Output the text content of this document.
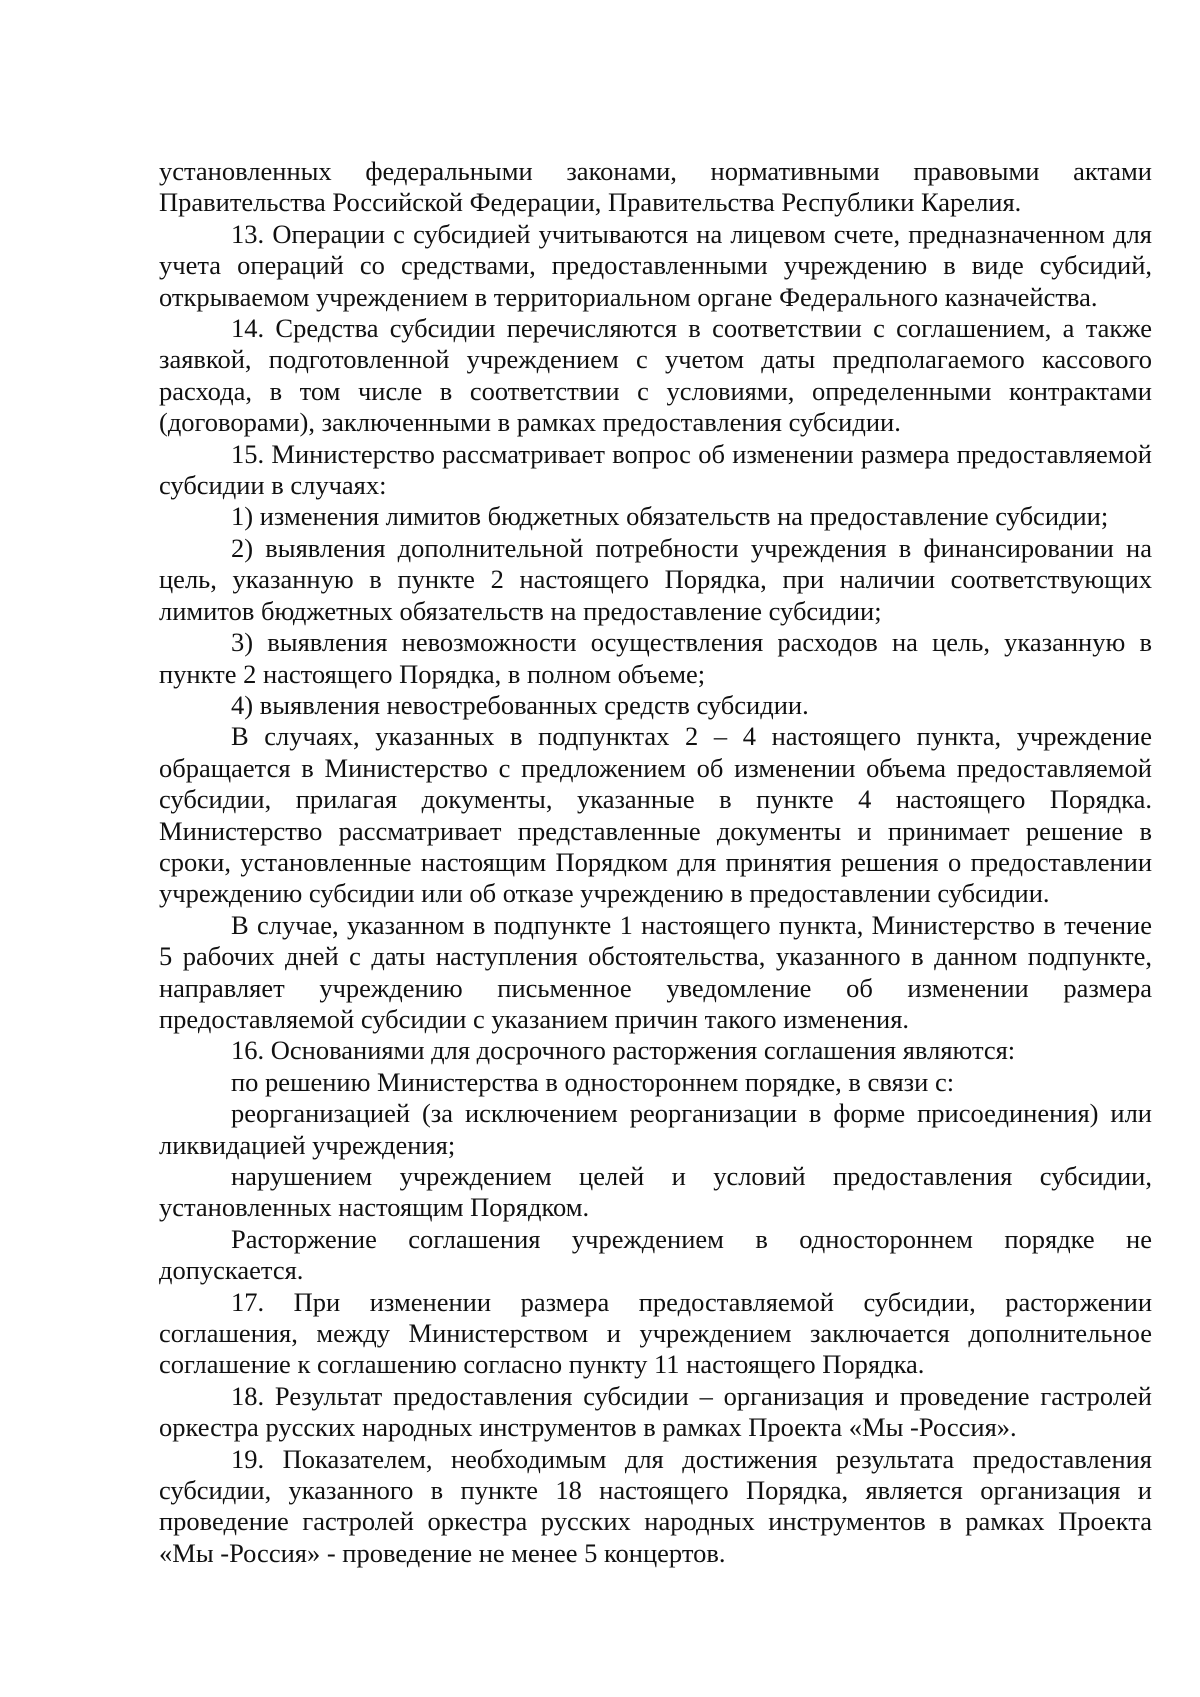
установленных федеральными законами, нормативными правовыми актами Правительства Российской Федерации, Правительства Республики Карелия.

13. Операции с субсидией учитываются на лицевом счете, предназначенном для учета операций со средствами, предоставленными учреждению в виде субсидий, открываемом учреждением в территориальном органе Федерального казначейства.

14. Средства субсидии перечисляются в соответствии с соглашением, а также заявкой, подготовленной учреждением с учетом даты предполагаемого кассового расхода, в том числе в соответствии с условиями, определенными контрактами (договорами), заключенными в рамках предоставления субсидии.

15. Министерство рассматривает вопрос об изменении размера предоставляемой субсидии в случаях:

1) изменения лимитов бюджетных обязательств на предоставление субсидии;

2) выявления дополнительной потребности учреждения в финансировании на цель, указанную в пункте 2 настоящего Порядка, при наличии соответствующих лимитов бюджетных обязательств на предоставление субсидии;

3) выявления невозможности осуществления расходов на цель, указанную в пункте 2 настоящего Порядка, в полном объеме;

4) выявления невостребованных средств субсидии.

В случаях, указанных в подпунктах 2 – 4 настоящего пункта, учреждение обращается в Министерство с предложением об изменении объема предоставляемой субсидии, прилагая документы, указанные в пункте 4 настоящего Порядка. Министерство рассматривает представленные документы и принимает решение в сроки, установленные настоящим Порядком для принятия решения о предоставлении учреждению субсидии или об отказе учреждению в предоставлении субсидии.

В случае, указанном в подпункте 1 настоящего пункта, Министерство в течение 5 рабочих дней с даты наступления обстоятельства, указанного в данном подпункте, направляет учреждению письменное уведомление об изменении размера предоставляемой субсидии с указанием причин такого изменения.

16. Основаниями для досрочного расторжения соглашения являются:

по решению Министерства в одностороннем порядке, в связи с:

реорганизацией (за исключением реорганизации в форме присоединения) или ликвидацией учреждения;

нарушением учреждением целей и условий предоставления субсидии, установленных настоящим Порядком.

Расторжение соглашения учреждением в одностороннем порядке не допускается.

17. При изменении размера предоставляемой субсидии, расторжении соглашения, между Министерством и учреждением заключается дополнительное соглашение к соглашению согласно пункту 11 настоящего Порядка.

18. Результат предоставления субсидии – организация и проведение гастролей оркестра русских народных инструментов в рамках Проекта «Мы -Россия».

19. Показателем, необходимым для достижения результата предоставления субсидии, указанного в пункте 18 настоящего Порядка, является организация и проведение гастролей оркестра русских народных инструментов в рамках Проекта «Мы -Россия» - проведение не менее 5 концертов.
